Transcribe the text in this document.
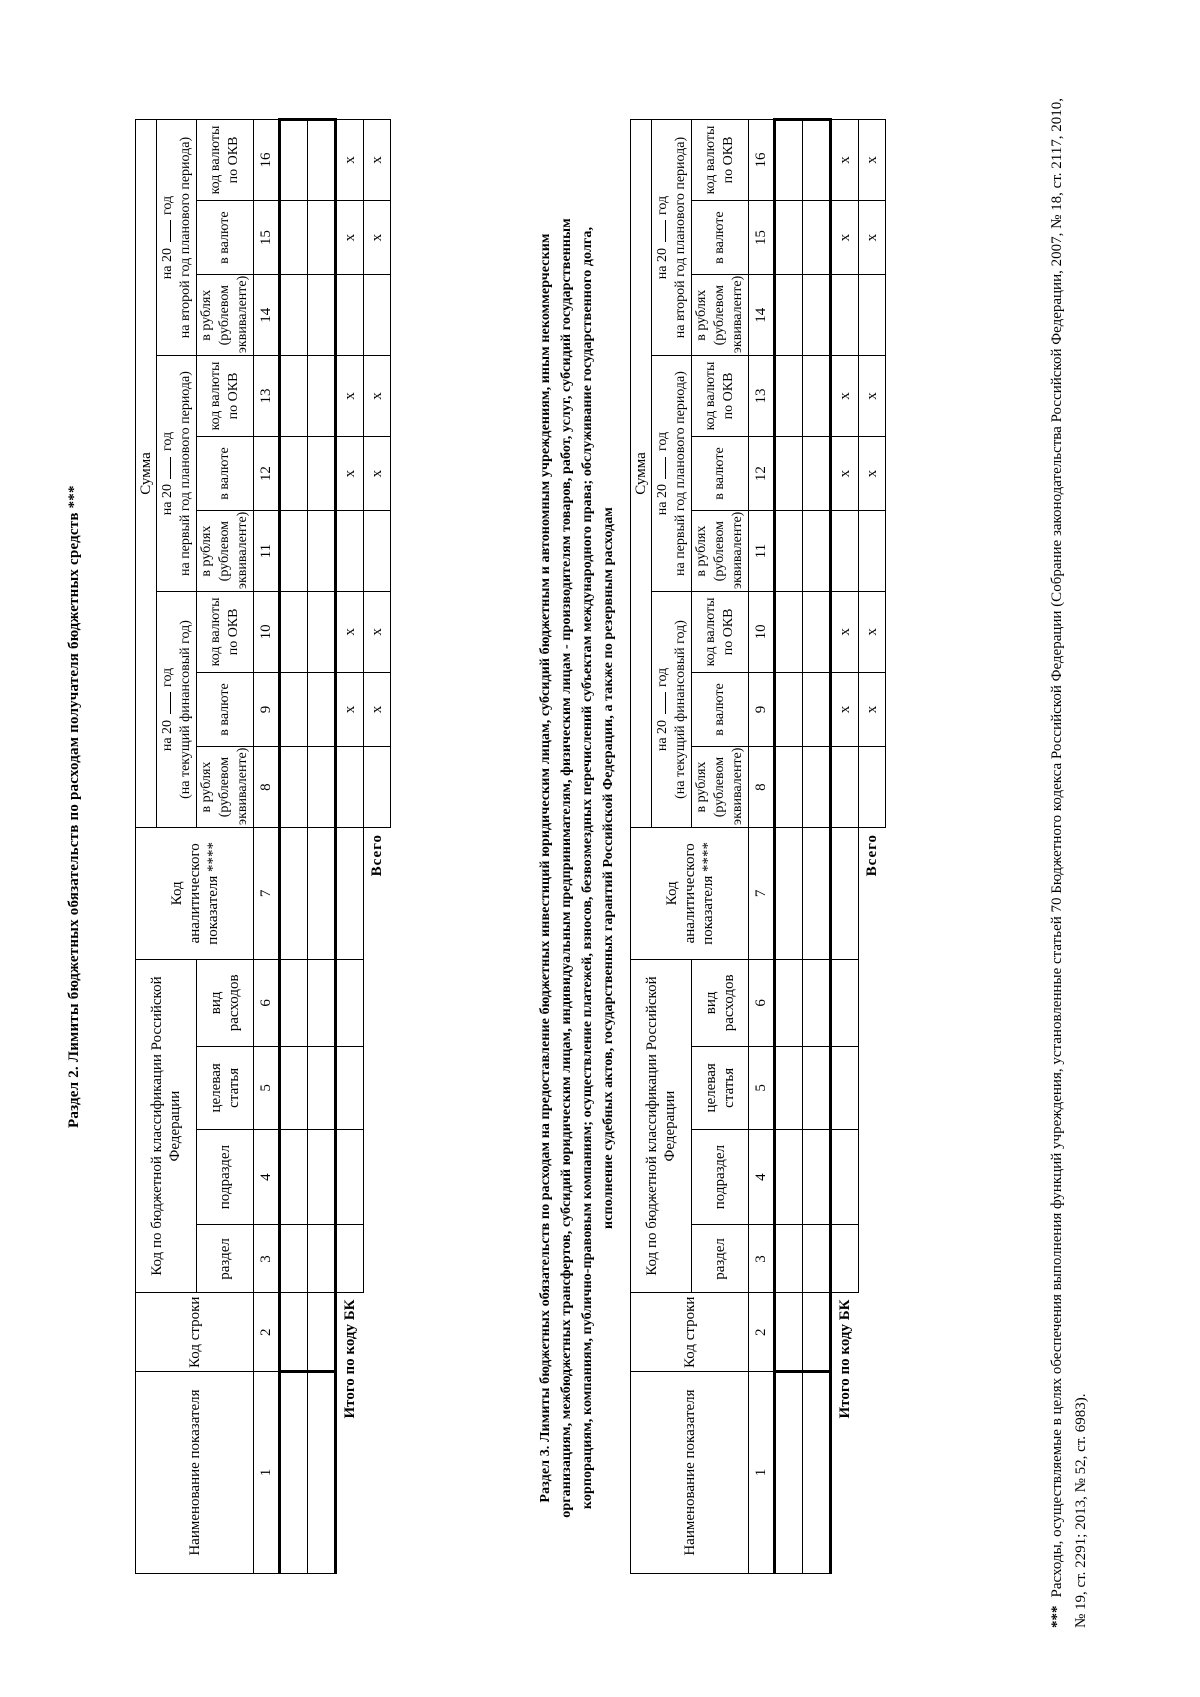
Раздел 2. Лимиты бюджетных обязательств по расходам получателя бюджетных средств ***
Наименование показателя	Код строки	Код по бюджетной классификации Российской Федерации				Код аналитического показателя ****	Сумма								
							на 20  год (на текущий финансовый год)			на 20  год на первый год планового периода)			на 20  год на второй год планового периода)		
		раздел	подраздел	целевая статья	вид расходов		в рублях (рублевом эквиваленте)	в валюте	код валюты по ОКВ	в рублях (рублевом эквиваленте)	в валюте	код валюты по ОКВ	в рублях (рублевом эквиваленте)	в валюте	код валюты по ОКВ

1	2	3	4	5	6	7	8	9	10	11	12	13	14	15	16

Итого по коду БК								x	x		x	x		x	x
Всего								x	x		x	x		x	x
Раздел 3. Лимиты бюджетных обязательств по расходам на предоставление бюджетных инвестиций юридическим лицам, субсидий бюджетным и автономным учреждениям, иным некоммерческим организациям, межбюджетных трансфертов, субсидий юридическим лицам, индивидуальным предпринимателям, физическим лицам - производителям товаров, работ, услуг, субсидий государственным корпорациям, компаниям, публично-правовым компаниям; осуществление платежей, взносов, безвозмездных перечислений субъектам международного права; обслуживание государственного долга, исполнение судебных актов, государственных гарантий Российской Федерации, а также по резервным расходам
Наименование показателя	Код строки	Код по бюджетной классификации Российской Федерации				Код аналитического показателя ****	Сумма								
							на 20  год (на текущий финансовый год)			на 20  год на первый год планового периода)			на 20  год на второй год планового периода)		
		раздел	подраздел	целевая статья	вид расходов		в рублях (рублевом эквиваленте)	в валюте	код валюты по ОКВ	в рублях (рублевом эквиваленте)	в валюте	код валюты по ОКВ	в рублях (рублевом эквиваленте)	в валюте	код валюты по ОКВ

1	2	3	4	5	6	7	8	9	10	11	12	13	14	15	16

Итого по коду БК								x	x		x	x		x	x
Всего								x	x		x	x		x	x
***Расходы, осуществляемые в целях обеспечения выполнения функций учреждения, установленные статьей 70 Бюджетного кодекса Российской Федерации (Собрание законодательства Российской Федерации, 2007, № 18, ст. 2117, 2010, № 19, ст. 2291; 2013, № 52, ст. 6983).
